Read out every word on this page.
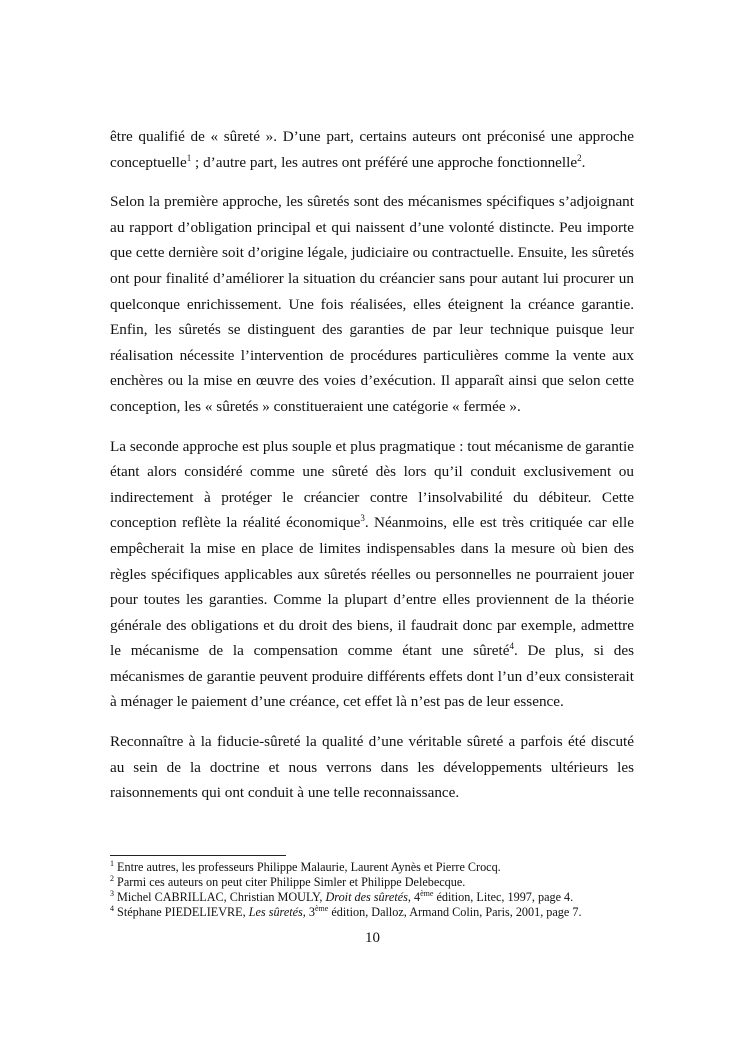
être qualifié de « sûreté ». D’une part, certains auteurs ont préconisé une approche conceptuelle$^1$ ; d’autre part, les autres ont préféré une approche fonctionnelle$^2$.

Selon la première approche, les sûretés sont des mécanismes spécifiques s’adjoignant au rapport d’obligation principal et qui naissent d’une volonté distincte. Peu importe que cette dernière soit d’origine légale, judiciaire ou contractuelle. Ensuite, les sûretés ont pour finalité d’améliorer la situation du créancier sans pour autant lui procurer un quelconque enrichissement. Une fois réalisées, elles éteignent la créance garantie. Enfin, les sûretés se distinguent des garanties de par leur technique puisque leur réalisation nécessite l’intervention de procédures particulières comme la vente aux enchères ou la mise en œuvre des voies d’exécution. Il apparaît ainsi que selon cette conception, les « sûretés » constitueraient une catégorie « fermée ».

La seconde approche est plus souple et plus pragmatique : tout mécanisme de garantie étant alors considéré comme une sûreté dès lors qu’il conduit exclusivement ou indirectement à protéger le créancier contre l’insolvabilité du débiteur. Cette conception reflète la réalité économique$^3$. Néanmoins, elle est très critiquée car elle empêcherait la mise en place de limites indispensables dans la mesure où bien des règles spécifiques applicables aux sûretés réelles ou personnelles ne pourraient jouer pour toutes les garanties. Comme la plupart d’entre elles proviennent de la théorie générale des obligations et du droit des biens, il faudrait donc par exemple, admettre le mécanisme de la compensation comme étant une sûreté$^4$. De plus, si des mécanismes de garantie peuvent produire différents effets dont l’un d’eux consisterait à ménager le paiement d’une créance, cet effet là n’est pas de leur essence.

Reconnaître à la fiducie-sûreté la qualité d’une véritable sûreté a parfois été discuté au sein de la doctrine et nous verrons dans les développements ultérieurs les raisonnements qui ont conduit à une telle reconnaissance.

$^1$ Entre autres, les professeurs Philippe Malaurie, Laurent Aynès et Pierre Crocq.
$^2$ Parmi ces auteurs on peut citer Philippe Simler et Philippe Delebecque.
$^3$ Michel CABRILLAC, Christian MOULY, Droit des sûretés, 4ème édition, Litec, 1997, page 4.
$^4$ Stéphane PIEDELIEVRE, Les sûretés, 3ème édition, Dalloz, Armand Colin, Paris, 2001, page 7.
10
